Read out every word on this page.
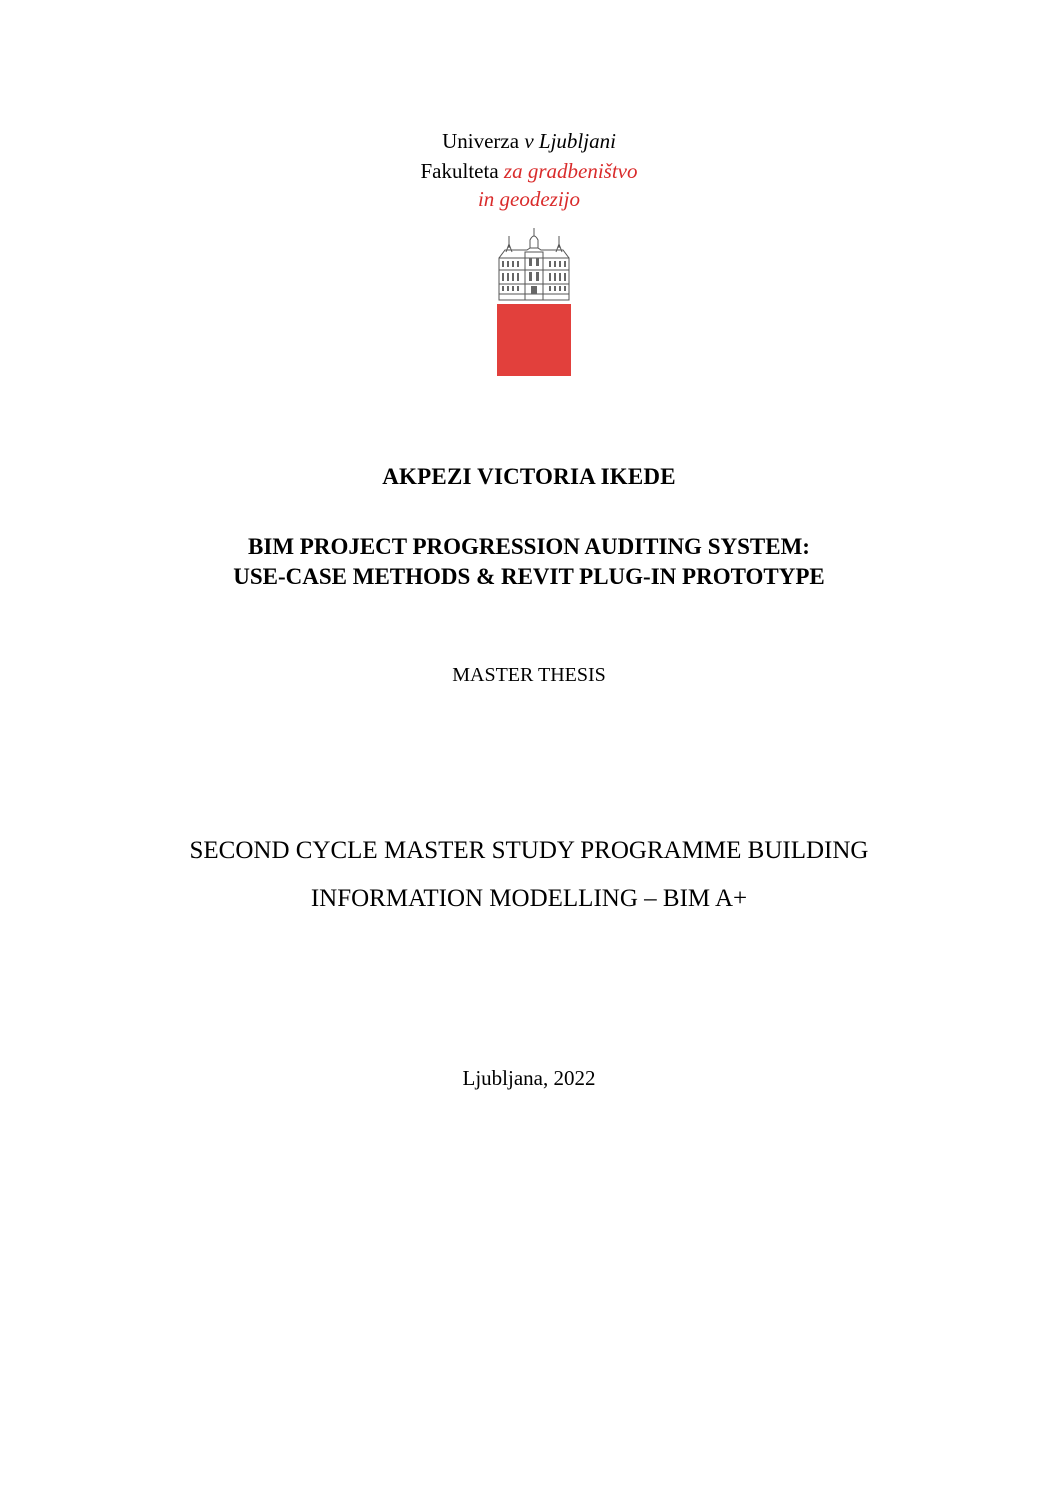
Univerza v Ljubljani
Fakulteta za gradbeništvo
in geodezijo
AKPEZI VICTORIA IKEDE
BIM PROJECT PROGRESSION AUDITING SYSTEM:
USE-CASE METHODS & REVIT PLUG-IN PROTOTYPE
MASTER THESIS
SECOND CYCLE MASTER STUDY PROGRAMME BUILDING
INFORMATION MODELLING – BIM A+
Ljubljana, 2022
